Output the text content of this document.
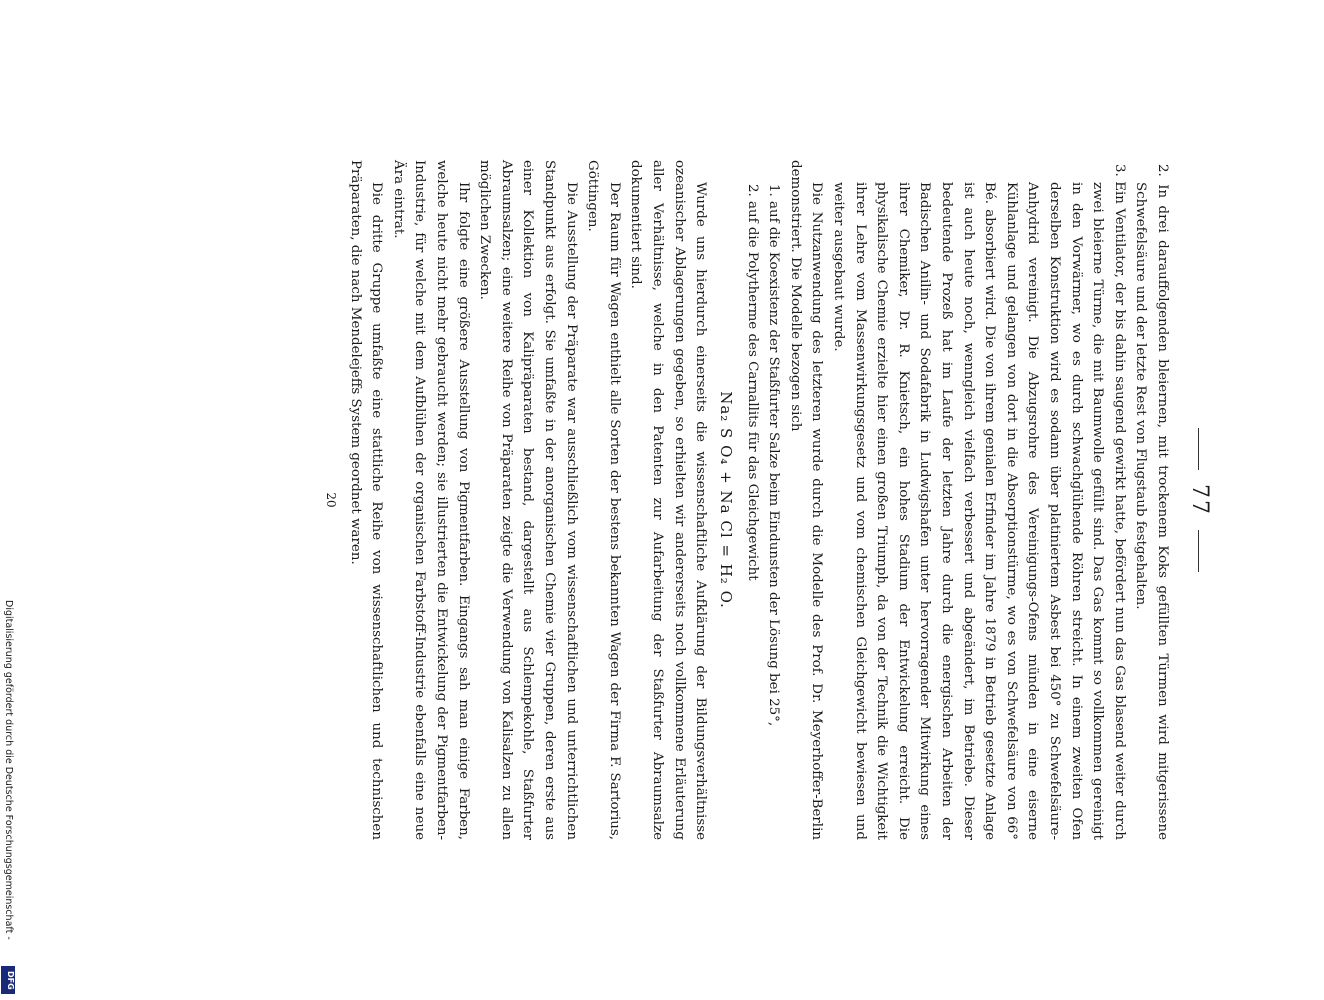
77

2. In drei darauffolgenden bleiernen, mit trockenem Koks gefüllten Türmen wird mitgerissene Schwefelsäure und der letzte Rest von Flugstaub festgehalten.

3. Ein Ventilator, der bis dahin saugend gewirkt hatte, befördert nun das Gas blasend weiter durch zwei bleierne Türme, die mit Baumwolle gefüllt sind. Das Gas kommt so vollkommen gereinigt in den Vorwärmer, wo es durch schwachglühende Röhren streicht. In einem zweiten Ofen derselben Konstruktion wird es sodann über platiniertem Asbest bei 450° zu Schwefelsäure-Anhydrid vereinigt. Die Abzugsrohre des Vereinigungs-Ofens münden in eine eiserne Kühlanlage und gelangen von dort in die Absorptionstürme, wo es von Schwefelsäure von 66° Bé. absorbiert wird. Die von ihrem genialen Erfinder im Jahre 1879 in Betrieb gesetzte Anlage ist auch heute noch, wenngleich vielfach verbessert und abgeändert, im Betriebe. Dieser bedeutende Prozeß hat im Laufe der letzten Jahre durch die energischen Arbeiten der Badischen Anilin- und Sodafabrik in Ludwigshafen unter hervorragender Mitwirkung eines ihrer Chemiker, Dr. R. Knietsch, ein hohes Stadium der Entwickelung erreicht. Die physikalische Chemie erzielte hier einen großen Triumph, da von der Technik die Wichtigkeit ihrer Lehre vom Massenwirkungsgesetz und vom chemischen Gleichgewicht bewiesen und weiter ausgebaut wurde.

Die Nutzanwendung des letzteren wurde durch die Modelle des Prof. Dr. Meyerhoffer-Berlin demonstriert. Die Modelle bezogen sich

1. auf die Koexistenz der Staßfurter Salze beim Eindunsten der Lösung bei 25°,

2. auf die Polytherme des Carnallits für das Gleichgewicht

Na₂ S O₄ + Na Cl = H₂ O.

Wurde uns hierdurch einerseits die wissenschaftliche Aufklärung der Bildungsverhältnisse ozeanischer Ablagerungen gegeben, so erhielten wir andererseits noch vollkommene Erläuterung aller Verhältnisse, welche in den Patenten zur Aufarbeitung der Staßfurter Abraumsalze dokumentiert sind.

Der Raum für Wagen enthielt alle Sorten der bestens bekannten Wagen der Firma F. Sartorius, Göttingen.

Die Ausstellung der Präparate war ausschließlich vom wissenschaftlichen und unterrichtlichen Standpunkt aus erfolgt. Sie umfaßte in der anorganischen Chemie vier Gruppen, deren erste aus einer Kollektion von Kalipräparaten bestand, dargestellt aus Schlempekohle, Staßfurter Abraumsalzen; eine weitere Reihe von Präparaten zeigte die Verwendung von Kalisalzen zu allen möglichen Zwecken.

Ihr folgte eine größere Ausstellung von Pigmentfarben. Eingangs sah man einige Farben, welche heute nicht mehr gebraucht werden; sie illustrierten die Entwickelung der Pigmentfarben-Industrie, für welche mit dem Aufblühen der organischen Farbstoff-Industrie ebenfalls eine neue Ära eintrat.

Die dritte Gruppe umfaßte eine stattliche Reihe von wissenschaftlichen und technischen Präparaten, die nach Mendelejeffs System geordnet waren.

20
Digitalisierung gefördert durch die Deutsche Forschungsgemeinschaft -
DFG
